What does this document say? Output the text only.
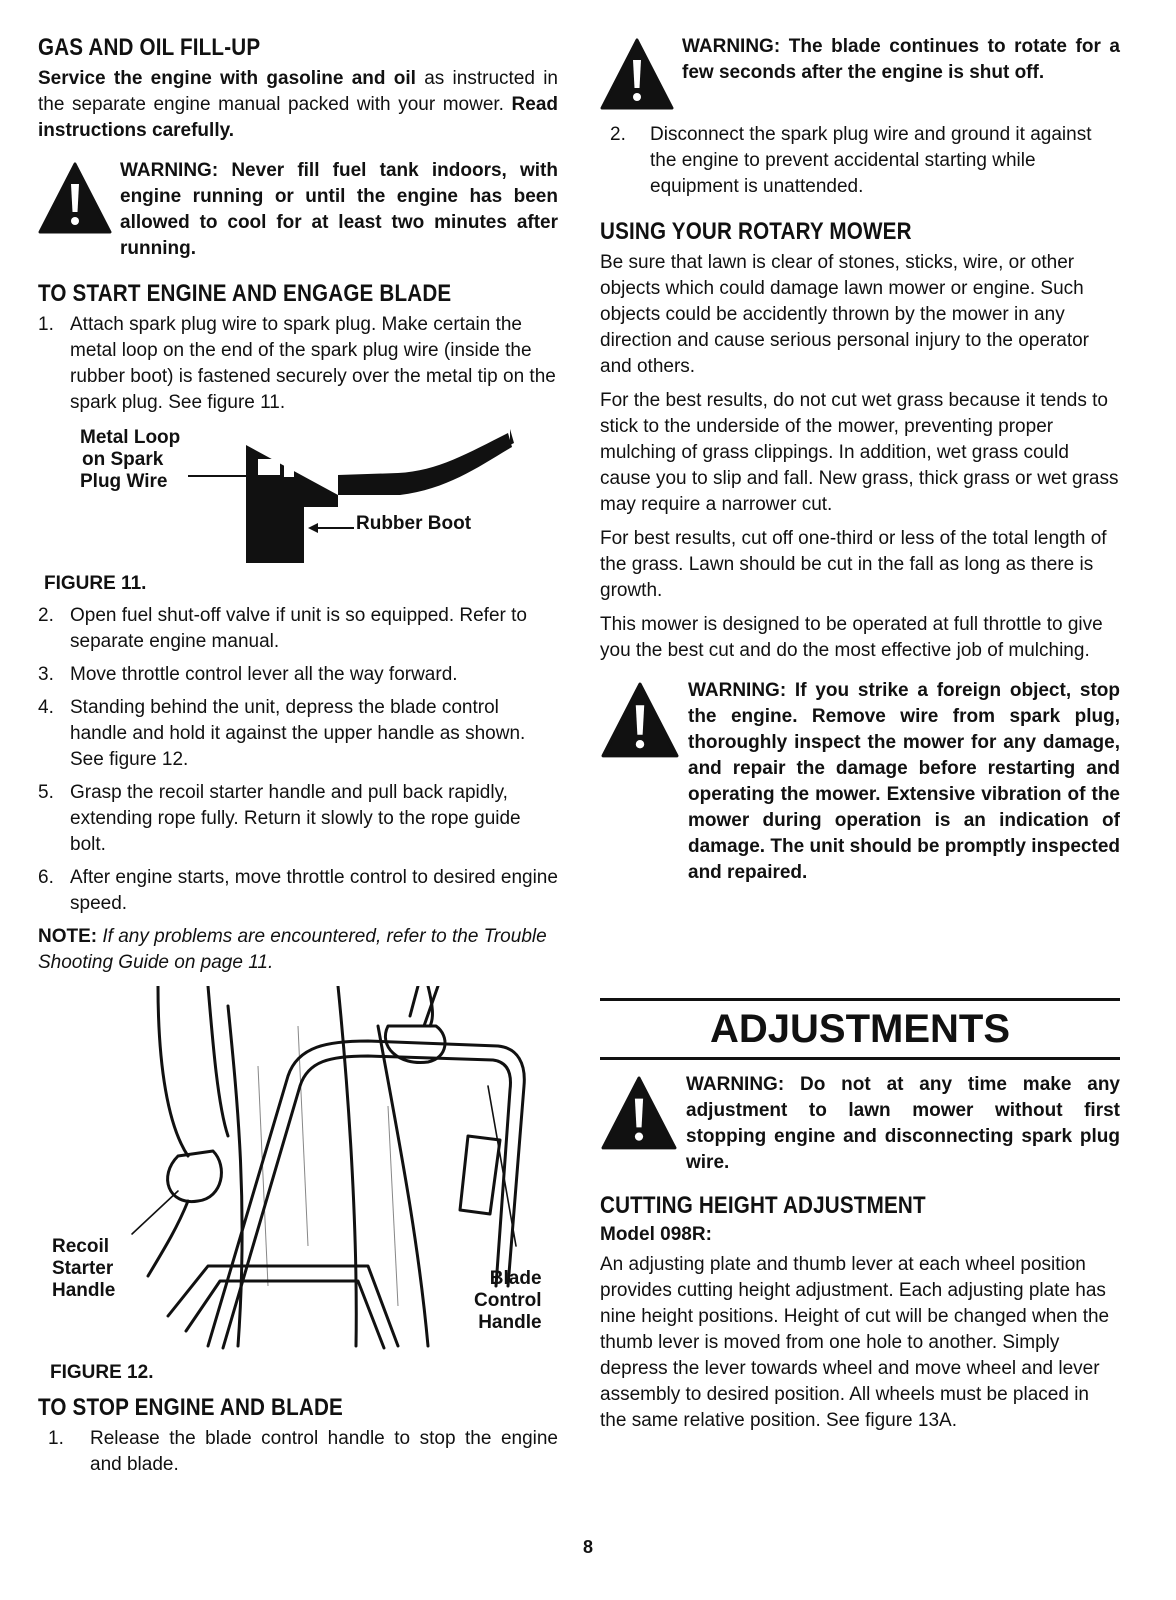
GAS AND OIL FILL-UP

Service the engine with gasoline and oil as instructed in the separate engine manual packed with your mower. Read instructions carefully.

WARNING: Never fill fuel tank indoors, with engine running or until the engine has been allowed to cool for at least two minutes after running.
TO START ENGINE AND ENGAGE BLADE
1. Attach spark plug wire to spark plug. Make certain the metal loop on the end of the spark plug wire (inside the rubber boot) is fastened securely over the metal tip on the spark plug. See figure 11.
Metal Loop
on Spark
Plug Wire
Rubber Boot
FIGURE 11.
2. Open fuel shut-off valve if unit is so equipped. Refer to separate engine manual.
3. Move throttle control lever all the way forward.
4. Standing behind the unit, depress the blade control handle and hold it against the upper handle as shown. See figure 12.
5. Grasp the recoil starter handle and pull back rapidly, extending rope fully. Return it slowly to the rope guide bolt.
6. After engine starts, move throttle control to desired engine speed.

NOTE: If any problems are encountered, refer to the Trouble Shooting Guide on page 11.

Recoil
Starter
Handle
Blade
Control
Handle
FIGURE 12.
TO STOP ENGINE AND BLADE
1.	Release the blade control handle to stop the engine and blade.
WARNING: The blade continues to rotate for a few seconds after the engine is shut off.
2.	Disconnect the spark plug wire and ground it against the engine to prevent accidental starting while equipment is unattended.
USING YOUR ROTARY MOWER

Be sure that lawn is clear of stones, sticks, wire, or other objects which could damage lawn mower or engine. Such objects could be accidently thrown by the mower in any direction and cause serious personal injury to the operator and others.

For the best results, do not cut wet grass because it tends to stick to the underside of the mower, preventing proper mulching of grass clippings. In addition, wet grass could cause you to slip and fall. New grass, thick grass or wet grass may require a narrower cut.

For best results, cut off one-third or less of the total length of the grass. Lawn should be cut in the fall as long as there is growth.

This mower is designed to be operated at full throttle to give you the best cut and do the most effective job of mulching.

WARNING: If you strike a foreign object, stop the engine. Remove wire from spark plug, thoroughly inspect the mower for any damage, and repair the damage before restarting and operating the mower. Extensive vibration of the mower during operation is an indication of damage. The unit should be promptly inspected and repaired.
ADJUSTMENTS
WARNING: Do not at any time make any adjustment to lawn mower without first stopping engine and disconnecting spark plug wire.
CUTTING HEIGHT ADJUSTMENT
Model 098R:

An adjusting plate and thumb lever at each wheel position provides cutting height adjustment. Each adjusting plate has nine height positions. Height of cut will be changed when the thumb lever is moved from one hole to another. Simply depress the lever towards wheel and move wheel and lever assembly to desired position. All wheels must be placed in the same relative position. See figure 13A.

8
